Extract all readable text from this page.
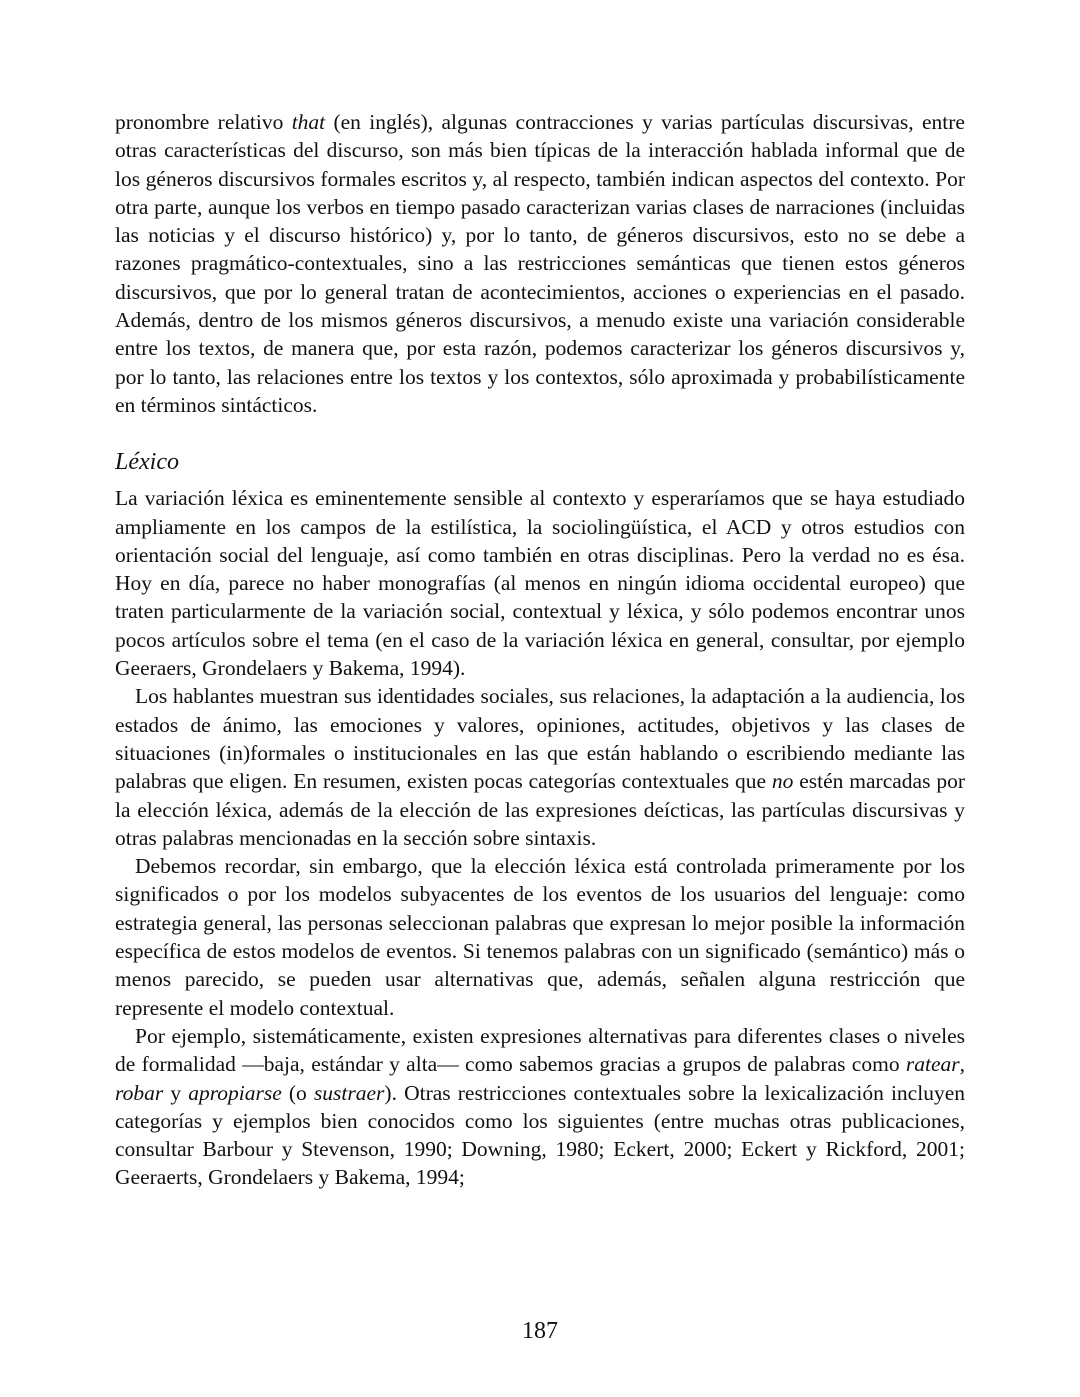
pronombre relativo that (en inglés), algunas contracciones y varias partículas discursivas, entre otras características del discurso, son más bien típicas de la interacción hablada informal que de los géneros discursivos formales escritos y, al respecto, también indican aspectos del contexto. Por otra parte, aunque los verbos en tiempo pasado caracterizan varias clases de narraciones (incluidas las noticias y el discurso histórico) y, por lo tanto, de géneros discursivos, esto no se debe a razones pragmático-contextuales, sino a las restricciones semánticas que tienen estos géneros discursivos, que por lo general tratan de acontecimientos, acciones o experiencias en el pasado. Además, dentro de los mismos géneros discursivos, a menudo existe una variación considerable entre los textos, de manera que, por esta razón, podemos caracterizar los géneros discursivos y, por lo tanto, las relaciones entre los textos y los contextos, sólo aproximada y probabilísticamente en términos sintácticos.

Léxico

La variación léxica es eminentemente sensible al contexto y esperaríamos que se haya estudiado ampliamente en los campos de la estilística, la sociolingüística, el ACD y otros estudios con orientación social del lenguaje, así como también en otras disciplinas. Pero la verdad no es ésa. Hoy en día, parece no haber monografías (al menos en ningún idioma occidental europeo) que traten particularmente de la variación social, contextual y léxica, y sólo podemos encontrar unos pocos artículos sobre el tema (en el caso de la variación léxica en general, consultar, por ejemplo Geeraers, Grondelaers y Bakema, 1994).

Los hablantes muestran sus identidades sociales, sus relaciones, la adaptación a la audiencia, los estados de ánimo, las emociones y valores, opiniones, actitudes, objetivos y las clases de situaciones (in)formales o institucionales en las que están hablando o escribiendo mediante las palabras que eligen. En resumen, existen pocas categorías contextuales que no estén marcadas por la elección léxica, además de la elección de las expresiones deícticas, las partículas discursivas y otras palabras mencionadas en la sección sobre sintaxis.

Debemos recordar, sin embargo, que la elección léxica está controlada primeramente por los significados o por los modelos subyacentes de los eventos de los usuarios del lenguaje: como estrategia general, las personas seleccionan palabras que expresan lo mejor posible la información específica de estos modelos de eventos. Si tenemos palabras con un significado (semántico) más o menos parecido, se pueden usar alternativas que, además, señalen alguna restricción que represente el modelo contextual.

Por ejemplo, sistemáticamente, existen expresiones alternativas para diferentes clases o niveles de formalidad —baja, estándar y alta— como sabemos gracias a grupos de palabras como ratear, robar y apropiarse (o sustraer). Otras restricciones contextuales sobre la lexicalización incluyen categorías y ejemplos bien conocidos como los siguientes (entre muchas otras publicaciones, consultar Barbour y Stevenson, 1990; Downing, 1980; Eckert, 2000; Eckert y Rickford, 2001; Geeraerts, Grondelaers y Bakema, 1994;

187
